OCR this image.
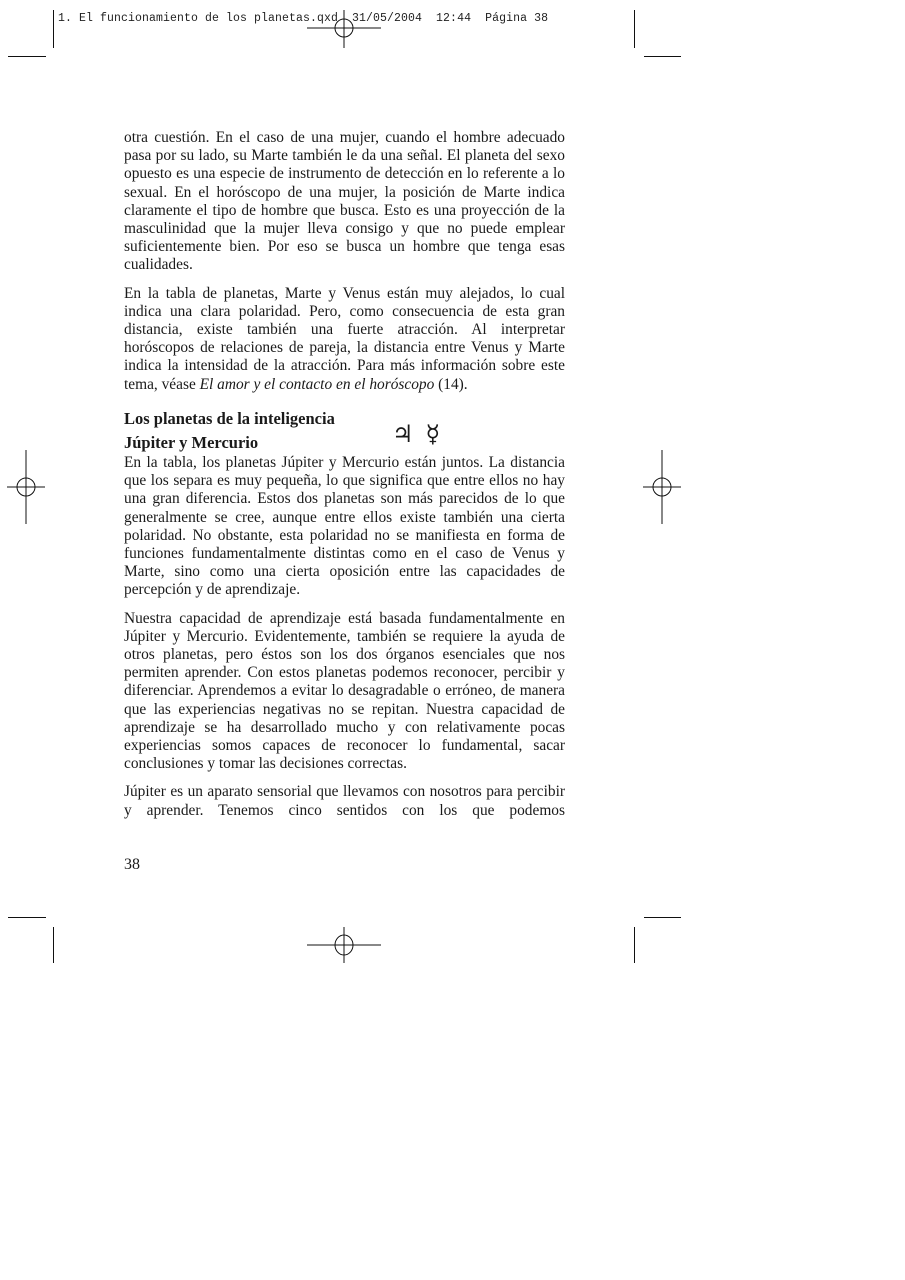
1. El funcionamiento de los planetas.qxd  31/05/2004  12:44  Página 38

otra cuestión. En el caso de una mujer, cuando el hombre adecuado pasa por su lado, su Marte también le da una señal. El planeta del sexo opuesto es una especie de instrumento de detección en lo referente a lo sexual. En el horóscopo de una mujer, la posición de Marte indica claramente el tipo de hombre que busca. Esto es una proyección de la masculinidad que la mujer lleva consigo y que no puede emplear suficientemente bien. Por eso se busca un hombre que tenga esas cualidades.

En la tabla de planetas, Marte y Venus están muy alejados, lo cual indica una clara polaridad. Pero, como consecuencia de esta gran distancia, existe también una fuerte atracción. Al interpretar horóscopos de relaciones de pareja, la distancia entre Venus y Marte indica la intensidad de la atracción. Para más información sobre este tema, véase El amor y el contacto en el horóscopo (14).

Los planetas de la inteligencia
Júpiter y Mercurio	♃ ☿

En la tabla, los planetas Júpiter y Mercurio están juntos. La distancia que los separa es muy pequeña, lo que significa que entre ellos no hay una gran diferencia. Estos dos planetas son más parecidos de lo que generalmente se cree, aunque entre ellos existe también una cierta polaridad. No obstante, esta polaridad no se manifiesta en forma de funciones fundamentalmente distintas como en el caso de Venus y Marte, sino como una cierta oposición entre las capacidades de percepción y de aprendizaje.

Nuestra capacidad de aprendizaje está basada fundamentalmente en Júpiter y Mercurio. Evidentemente, también se requiere la ayuda de otros planetas, pero éstos son los dos órganos esenciales que nos permiten aprender. Con estos planetas podemos reconocer, percibir y diferenciar. Aprendemos a evitar lo desagradable o erróneo, de manera que las experiencias negativas no se repitan. Nuestra capacidad de aprendizaje se ha desarrollado mucho y con relativamente pocas experiencias somos capaces de reconocer lo fundamental, sacar conclusiones y tomar las decisiones correctas.

Júpiter es un aparato sensorial que llevamos con nosotros para percibir y aprender. Tenemos cinco sentidos con los que podemos

38
